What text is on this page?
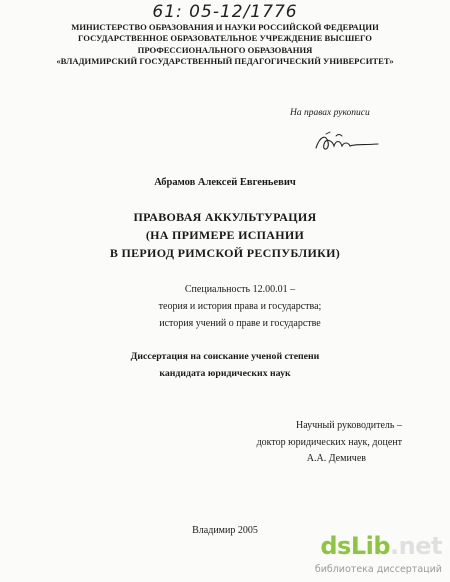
61: 05-12/1776
МИНИСТЕРСТВО ОБРАЗОВАНИЯ И НАУКИ РОССИЙСКОЙ ФЕДЕРАЦИИ
ГОСУДАРСТВЕННОЕ ОБРАЗОВАТЕЛЬНОЕ УЧРЕЖДЕНИЕ ВЫСШЕГО
ПРОФЕССИОНАЛЬНОГО ОБРАЗОВАНИЯ
«ВЛАДИМИРСКИЙ ГОСУДАРСТВЕННЫЙ ПЕДАГОГИЧЕСКИЙ УНИВЕРСИТЕТ»
На правах рукописи
Абрамов Алексей Евгеньевич
ПРАВОВАЯ АККУЛЬТУРАЦИЯ
(НА ПРИМЕРЕ ИСПАНИИ
В ПЕРИОД РИМСКОЙ РЕСПУБЛИКИ)
Специальность 12.00.01 –
теория и история права и государства;
история учений о праве и государстве
Диссертация на соискание ученой степени
кандидата юридических наук
Научный руководитель –
доктор юридических наук, доцент
А.А. Демичев
Владимир 2005
dsLib.net
библиотека диссертаций
